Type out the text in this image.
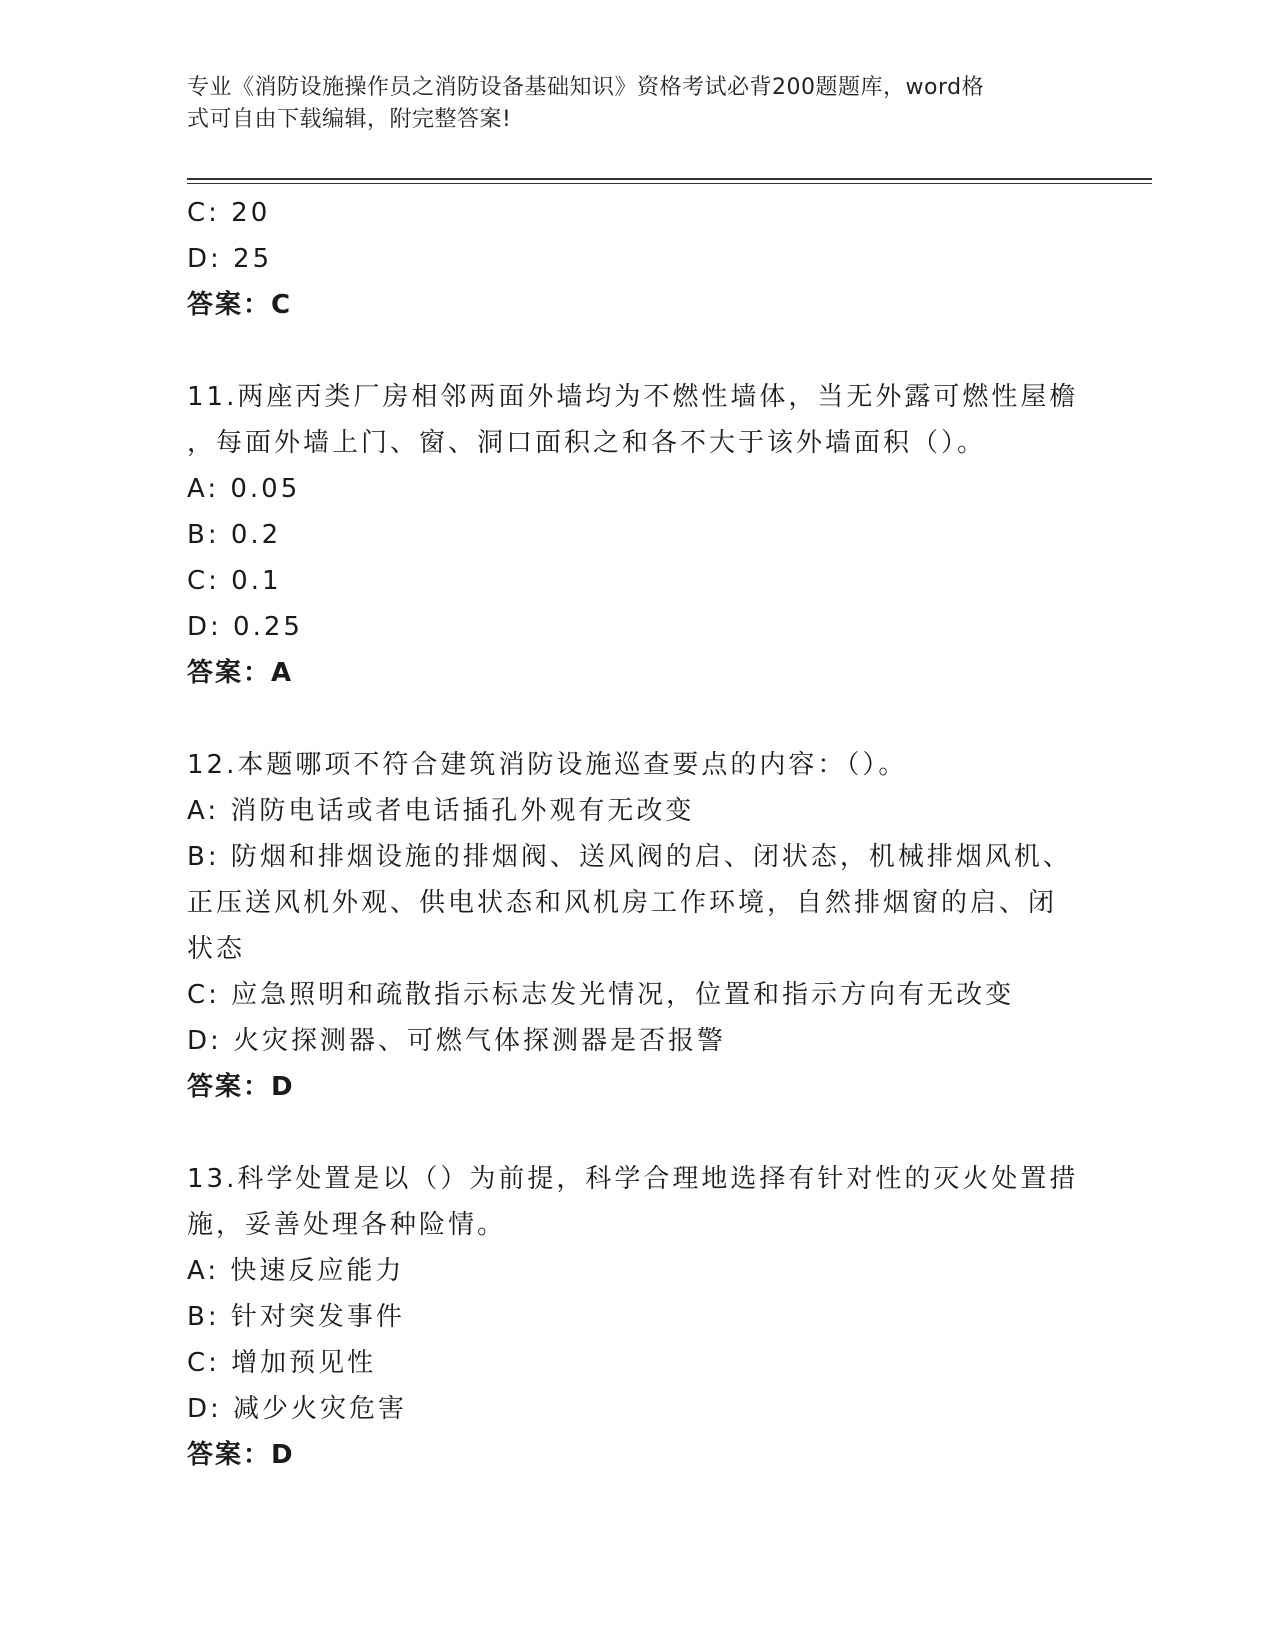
专业《消防设施操作员之消防设备基础知识》资格考试必背200题题库，word格
式可自由下载编辑，附完整答案!
C: 20
D: 25
答案：C
11.两座丙类厂房相邻两面外墙均为不燃性墙体，当无外露可燃性屋檐
，每面外墙上门、窗、洞口面积之和各不大于该外墙面积（）。
A: 0.05
B: 0.2
C: 0.1
D: 0.25
答案：A
12.本题哪项不符合建筑消防设施巡查要点的内容：（）。
A: 消防电话或者电话插孔外观有无改变
B: 防烟和排烟设施的排烟阀、送风阀的启、闭状态，机械排烟风机、
正压送风机外观、供电状态和风机房工作环境，自然排烟窗的启、闭
状态
C: 应急照明和疏散指示标志发光情况，位置和指示方向有无改变
D: 火灾探测器、可燃气体探测器是否报警
答案：D
13.科学处置是以（）为前提，科学合理地选择有针对性的灭火处置措
施，妥善处理各种险情。
A: 快速反应能力
B: 针对突发事件
C: 增加预见性
D: 减少火灾危害
答案：D
